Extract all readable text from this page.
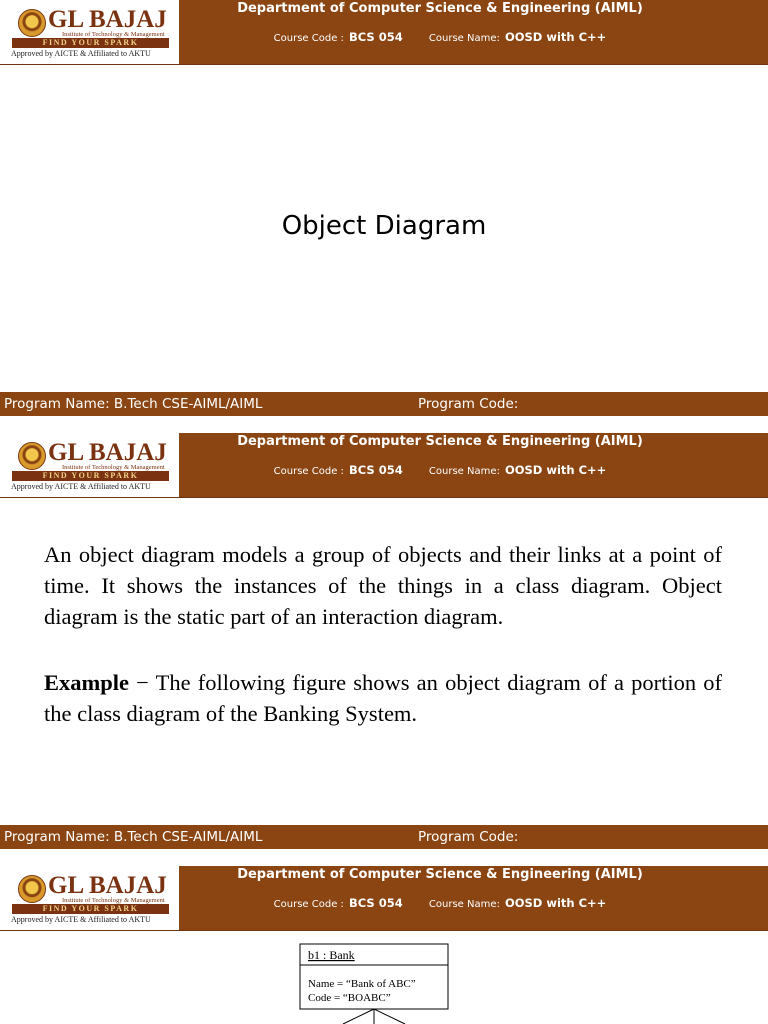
GL BAJAJ
Institute of Technology & Management
FIND YOUR SPARK
Approved by AICTE & Affiliated to AKTU
Department of Computer Science & Engineering (AIML)
Course Code : BCS 054	Course Name: OOSD with C++
Object Diagram
Program Name: B.Tech CSE-AIML/AIML	Program Code:
GL BAJAJ
Institute of Technology & Management
FIND YOUR SPARK
Approved by AICTE & Affiliated to AKTU
Department of Computer Science & Engineering (AIML)
Course Code : BCS 054	Course Name: OOSD with C++
Program Name: B.Tech CSE-AIML/AIML	Program Code:

An object diagram models a group of objects and their links at a point of time. It shows the instances of the things in a class diagram. Object diagram is the static part of an interaction diagram.

Example − The following figure shows an object diagram of a portion of the class diagram of the Banking System.

GL BAJAJ
Institute of Technology & Management
FIND YOUR SPARK
Approved by AICTE & Affiliated to AKTU
Department of Computer Science & Engineering (AIML)
Course Code : BCS 054	Course Name: OOSD with C++
b1 : Bank
Name = “Bank of ABC”
Code = “BOABC”
